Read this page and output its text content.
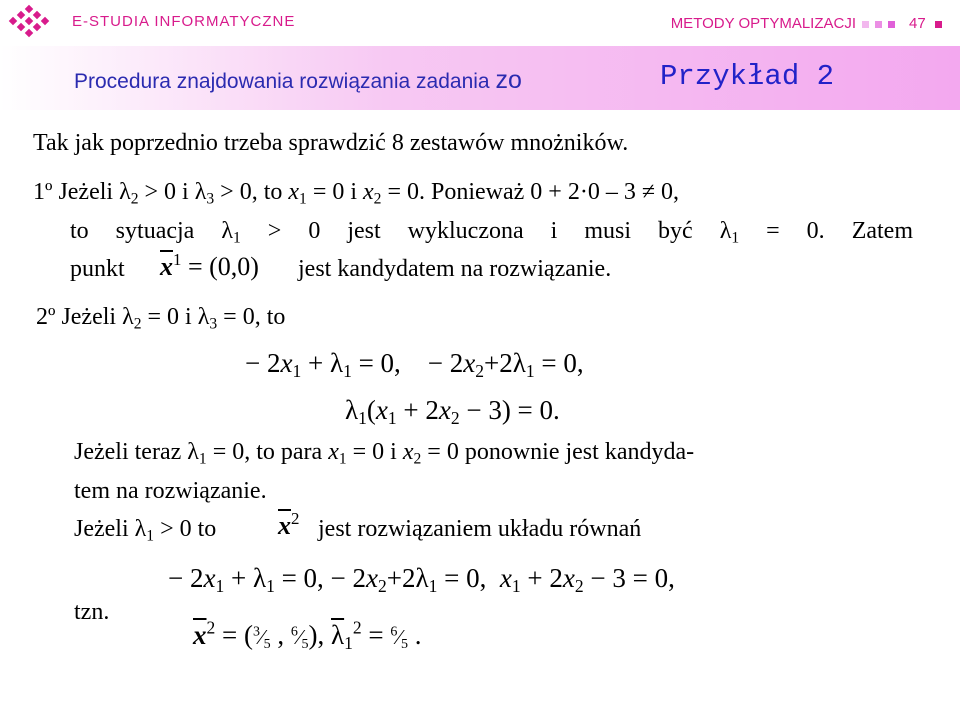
E-STUDIA INFORMATYCZNE	METODY OPTYMALIZACJI	47
Procedura znajdowania rozwiązania zadania zo	Przykład 2
Tak jak poprzednio trzeba sprawdzić 8 zestawów mnożników.
1º Jeżeli $\lambda_2 > 0$ i $\lambda_3 > 0$, to $x_1 = 0$ i $x_2 = 0$. Ponieważ 0 + 2·0 – 3 ≠ 0,
to sytuacja $\lambda_1 > 0$ jest wykluczona i musi być $\lambda_1 = 0$. Zatem
punkt $\overline{x}^1 = (0,0)$ jest kandydatem na rozwiązanie.
2º Jeżeli $\lambda_2 = 0$ i $\lambda_3 = 0$, to
− $2x_1 + \lambda_1 = 0$,    − $2x_2+2\lambda_1 = 0$,
$\lambda_1(x_1 + 2x_2 - 3) = 0$.
Jeżeli teraz $\lambda_1 = 0$, to para $x_1 = 0$ i $x_2 = 0$ ponownie jest kandyda-
tem na rozwiązanie.
Jeżeli $\lambda_1 > 0$ to $\overline{x}^2$ jest rozwiązaniem układu równań
− $2x_1 + \lambda_1 = 0$, − $2x_2+2\lambda_1 = 0$,  $x_1 + 2x_2 - 3 = 0$,
tzn.
$\overline{x}^2$ = ($^3⁄_5$ , $^6⁄_5$), $\overline{\lambda}_1^2$ = $^6⁄_5$ .
